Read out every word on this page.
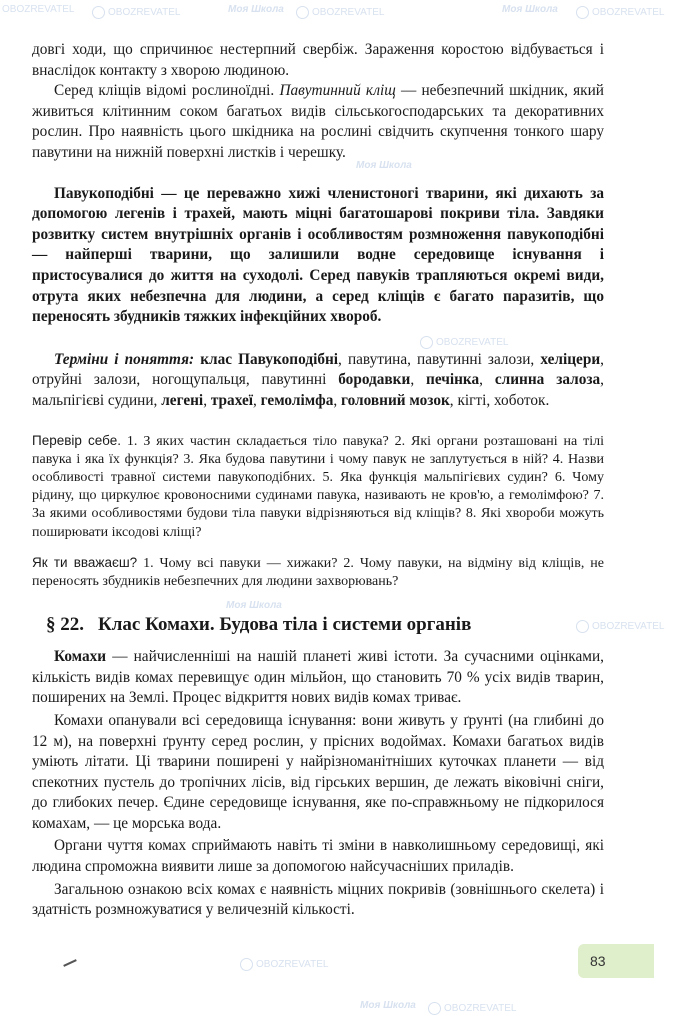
OBOZREVATEL	OBOZREVATEL	Моя Школа	OBOZREVATEL	Моя Школа	OBOZREVATEL
Моя Школа
OBOZREVATEL
Моя Школа
OBOZREVATEL
OBOZREVATEL
Моя Школа	OBOZREVATEL

довгі ходи, що спричинює нестерпний свербіж. Зараження коростою відбувається і внаслідок контакту з хворою людиною.

Серед кліщів відомі рослиноїдні. Павутинний кліщ — небезпечний шкідник, який живиться клітинним соком багатьох видів сільськогосподарських та декоративних рослин. Про наявність цього шкідника на рослині свідчить скупчення тонкого шару павутини на нижній поверхні листків і черешку.

Павукоподібні — це переважно хижі членистоногі тварини, які дихають за допомогою легенів і трахей, мають міцні багатошарові покриви тіла. Завдяки розвитку систем внутрішніх органів і особливостям розмноження павукоподібні — найперші тварини, що залишили водне середовище існування і пристосувалися до життя на суходолі. Серед павуків трапляються окремі види, отрута яких небезпечна для людини, а серед кліщів є багато паразитів, що переносять збудників тяжких інфекційних хвороб.

Терміни і поняття: клас Павукоподібні, павутина, павутинні залози, хеліцери, отруйні залози, ногощупальця, павутинні бородавки, печінка, слинна залоза, мальпігієві судини, легені, трахеї, гемолімфа, головний мозок, кігті, хоботок.

Перевір себе. 1. З яких частин складається тіло павука? 2. Які органи розташовані на тілі павука і яка їх функція? 3. Яка будова павутини і чому павук не заплутується в ній? 4. Назви особливості травної системи павукоподібних. 5. Яка функція мальпігієвих судин? 6. Чому рідину, що циркулює кровоносними судинами павука, називають не кров'ю, а гемолімфою? 7. За якими особливостями будови тіла павуки відрізняються від кліщів? 8. Які хвороби можуть поширювати іксодові кліщі?

Як ти вважаєш? 1. Чому всі павуки — хижаки? 2. Чому павуки, на відміну від кліщів, не переносять збудників небезпечних для людини захворювань?

§ 22. Клас Комахи. Будова тіла і системи органів

Комахи — найчисленніші на нашій планеті живі істоти. За сучасними оцінками, кількість видів комах перевищує один мільйон, що становить 70 % усіх видів тварин, поширених на Землі. Процес відкриття нових видів комах триває.

Комахи опанували всі середовища існування: вони живуть у ґрунті (на глибині до 12 м), на поверхні ґрунту серед рослин, у прісних водоймах. Комахи багатьох видів уміють літати. Ці тварини поширені у найрізноманітніших куточках планети — від спекотних пустель до тропічних лісів, від гірських вершин, де лежать віковічні сніги, до глибоких печер. Єдине середовище існування, яке по-справжньому не підкорилося комахам, — це морська вода.

Органи чуття комах сприймають навіть ті зміни в навколишньому середовищі, які людина спроможна виявити лише за допомогою найсучасніших приладів.

Загальною ознакою всіх комах є наявність міцних покривів (зовнішнього скелета) і здатність розмножуватися у величезній кількості.

83
